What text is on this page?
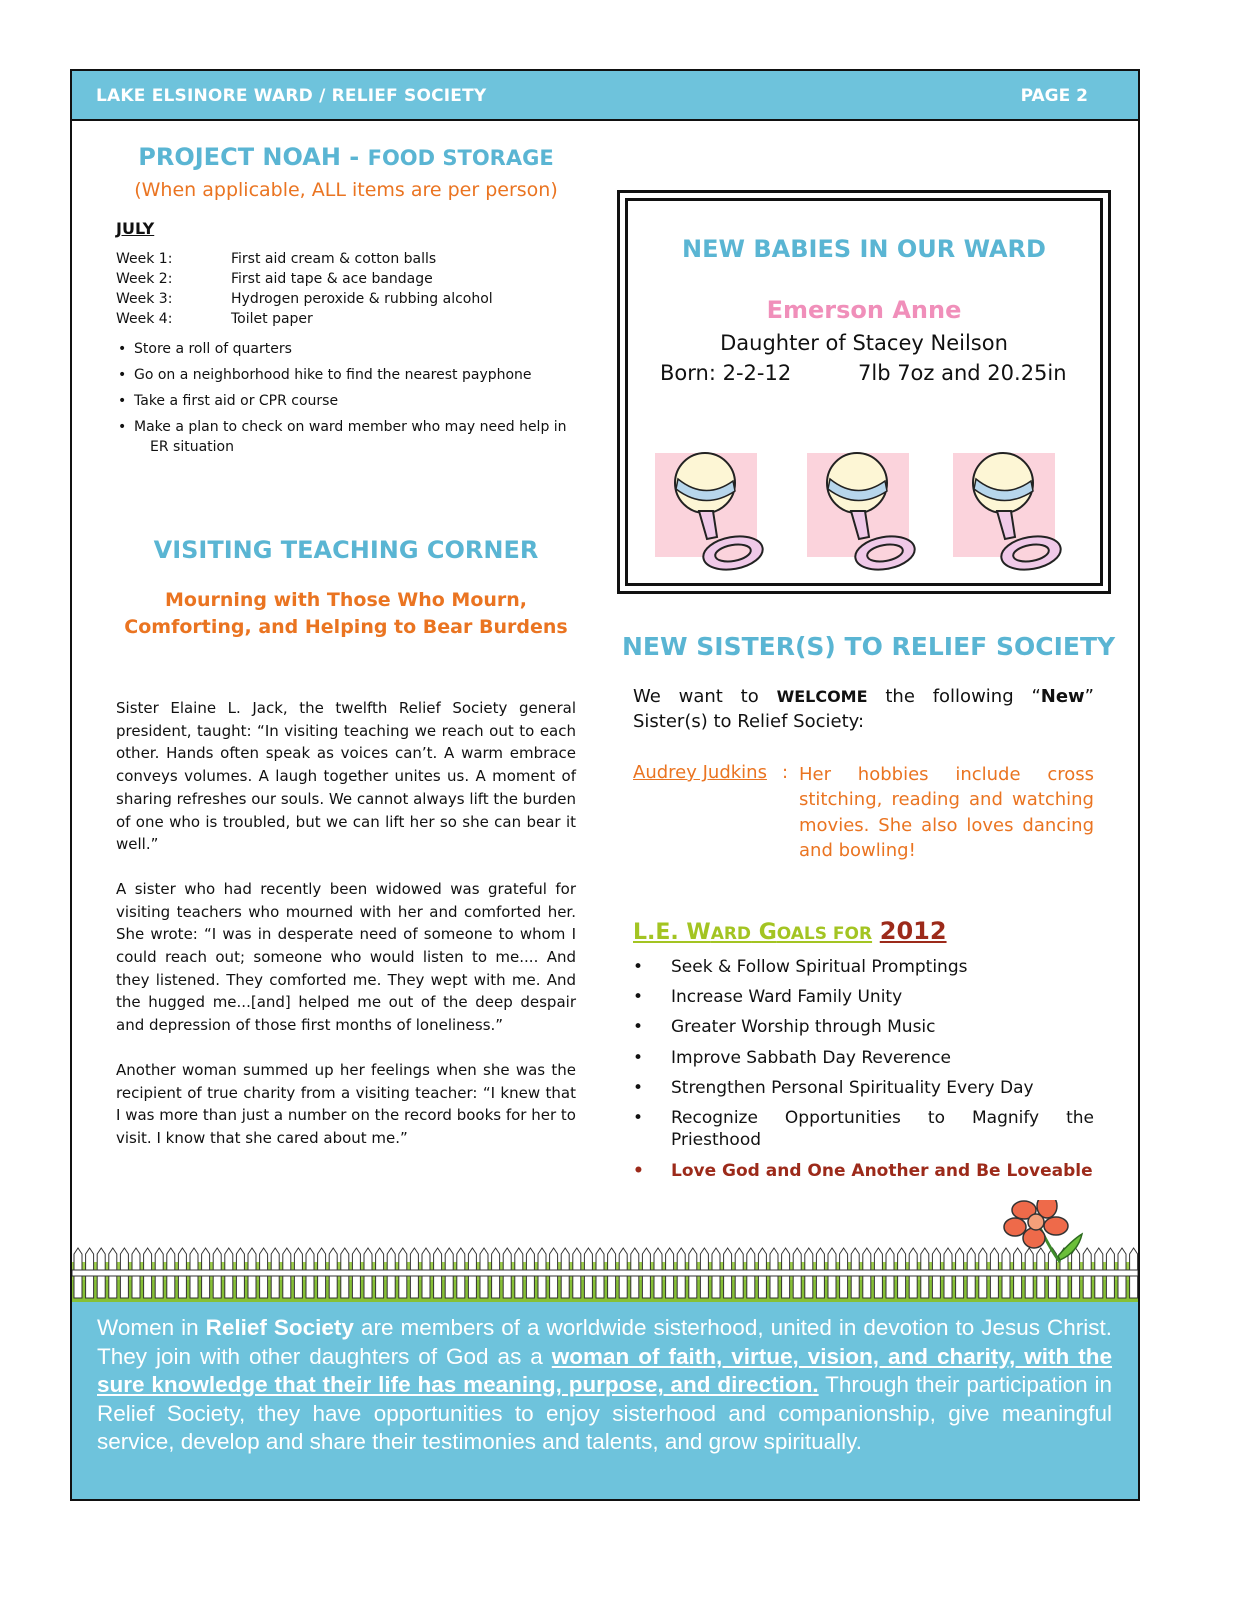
LAKE ELSINORE WARD / RELIEF SOCIETY	PAGE 2
PROJECT NOAH - FOOD STORAGE
(When applicable, ALL items are per person)
JULY
Week 1:	First aid cream & cotton balls
Week 2:	First aid tape & ace bandage
Week 3:	Hydrogen peroxide & rubbing alcohol
Week 4:	Toilet paper
• Store a roll of quarters
• Go on a neighborhood hike to find the nearest payphone
• Take a first aid or CPR course
• Make a plan to check on ward member who may need help in
ER situation
VISITING TEACHING CORNER
Mourning with Those Who Mourn,
Comforting, and Helping to Bear Burdens

Sister Elaine L. Jack, the twelfth Relief Society general president, taught: “In visiting teaching we reach out to each other. Hands often speak as voices can’t. A warm embrace conveys volumes. A laugh together unites us. A moment of sharing refreshes our souls. We cannot always lift the burden of one who is troubled, but we can lift her so she can bear it well.”

A sister who had recently been widowed was grateful for visiting teachers who mourned with her and comforted her. She wrote: “I was in desperate need of someone to whom I could reach out; someone who would listen to me.... And they listened. They comforted me. They wept with me. And the hugged me...[and] helped me out of the deep despair and depression of those first months of loneliness.”

Another woman summed up her feelings when she was the recipient of true charity from a visiting teacher: “I knew that I was more than just a number on the record books for her to visit. I know that she cared about me.”

NEW BABIES IN OUR WARD
Emerson Anne
Daughter of Stacey Neilson
Born: 2-2-12	7lb 7oz and 20.25in
NEW SISTER(S) TO RELIEF SOCIETY
We want to WELCOME the following “New” Sister(s) to Relief Society:
Audrey Judkins : Her hobbies include cross stitching, reading and watching movies. She also loves dancing and bowling!
L.E. WARD GOALS FOR 2012
• Seek & Follow Spiritual Promptings
• Increase Ward Family Unity
• Greater Worship through Music
• Improve Sabbath Day Reverence
• Strengthen Personal Spirituality Every Day
• Recognize Opportunities to Magnify the Priesthood
• Love God and One Another and Be Loveable
Women in Relief Society are members of a worldwide sisterhood, united in devotion to Jesus Christ. They join with other daughters of God as a woman of faith, virtue, vision, and charity, with the sure knowledge that their life has meaning, purpose, and direction. Through their participation in Relief Society, they have opportunities to enjoy sisterhood and companionship, give meaningful service, develop and share their testimonies and talents, and grow spiritually.
